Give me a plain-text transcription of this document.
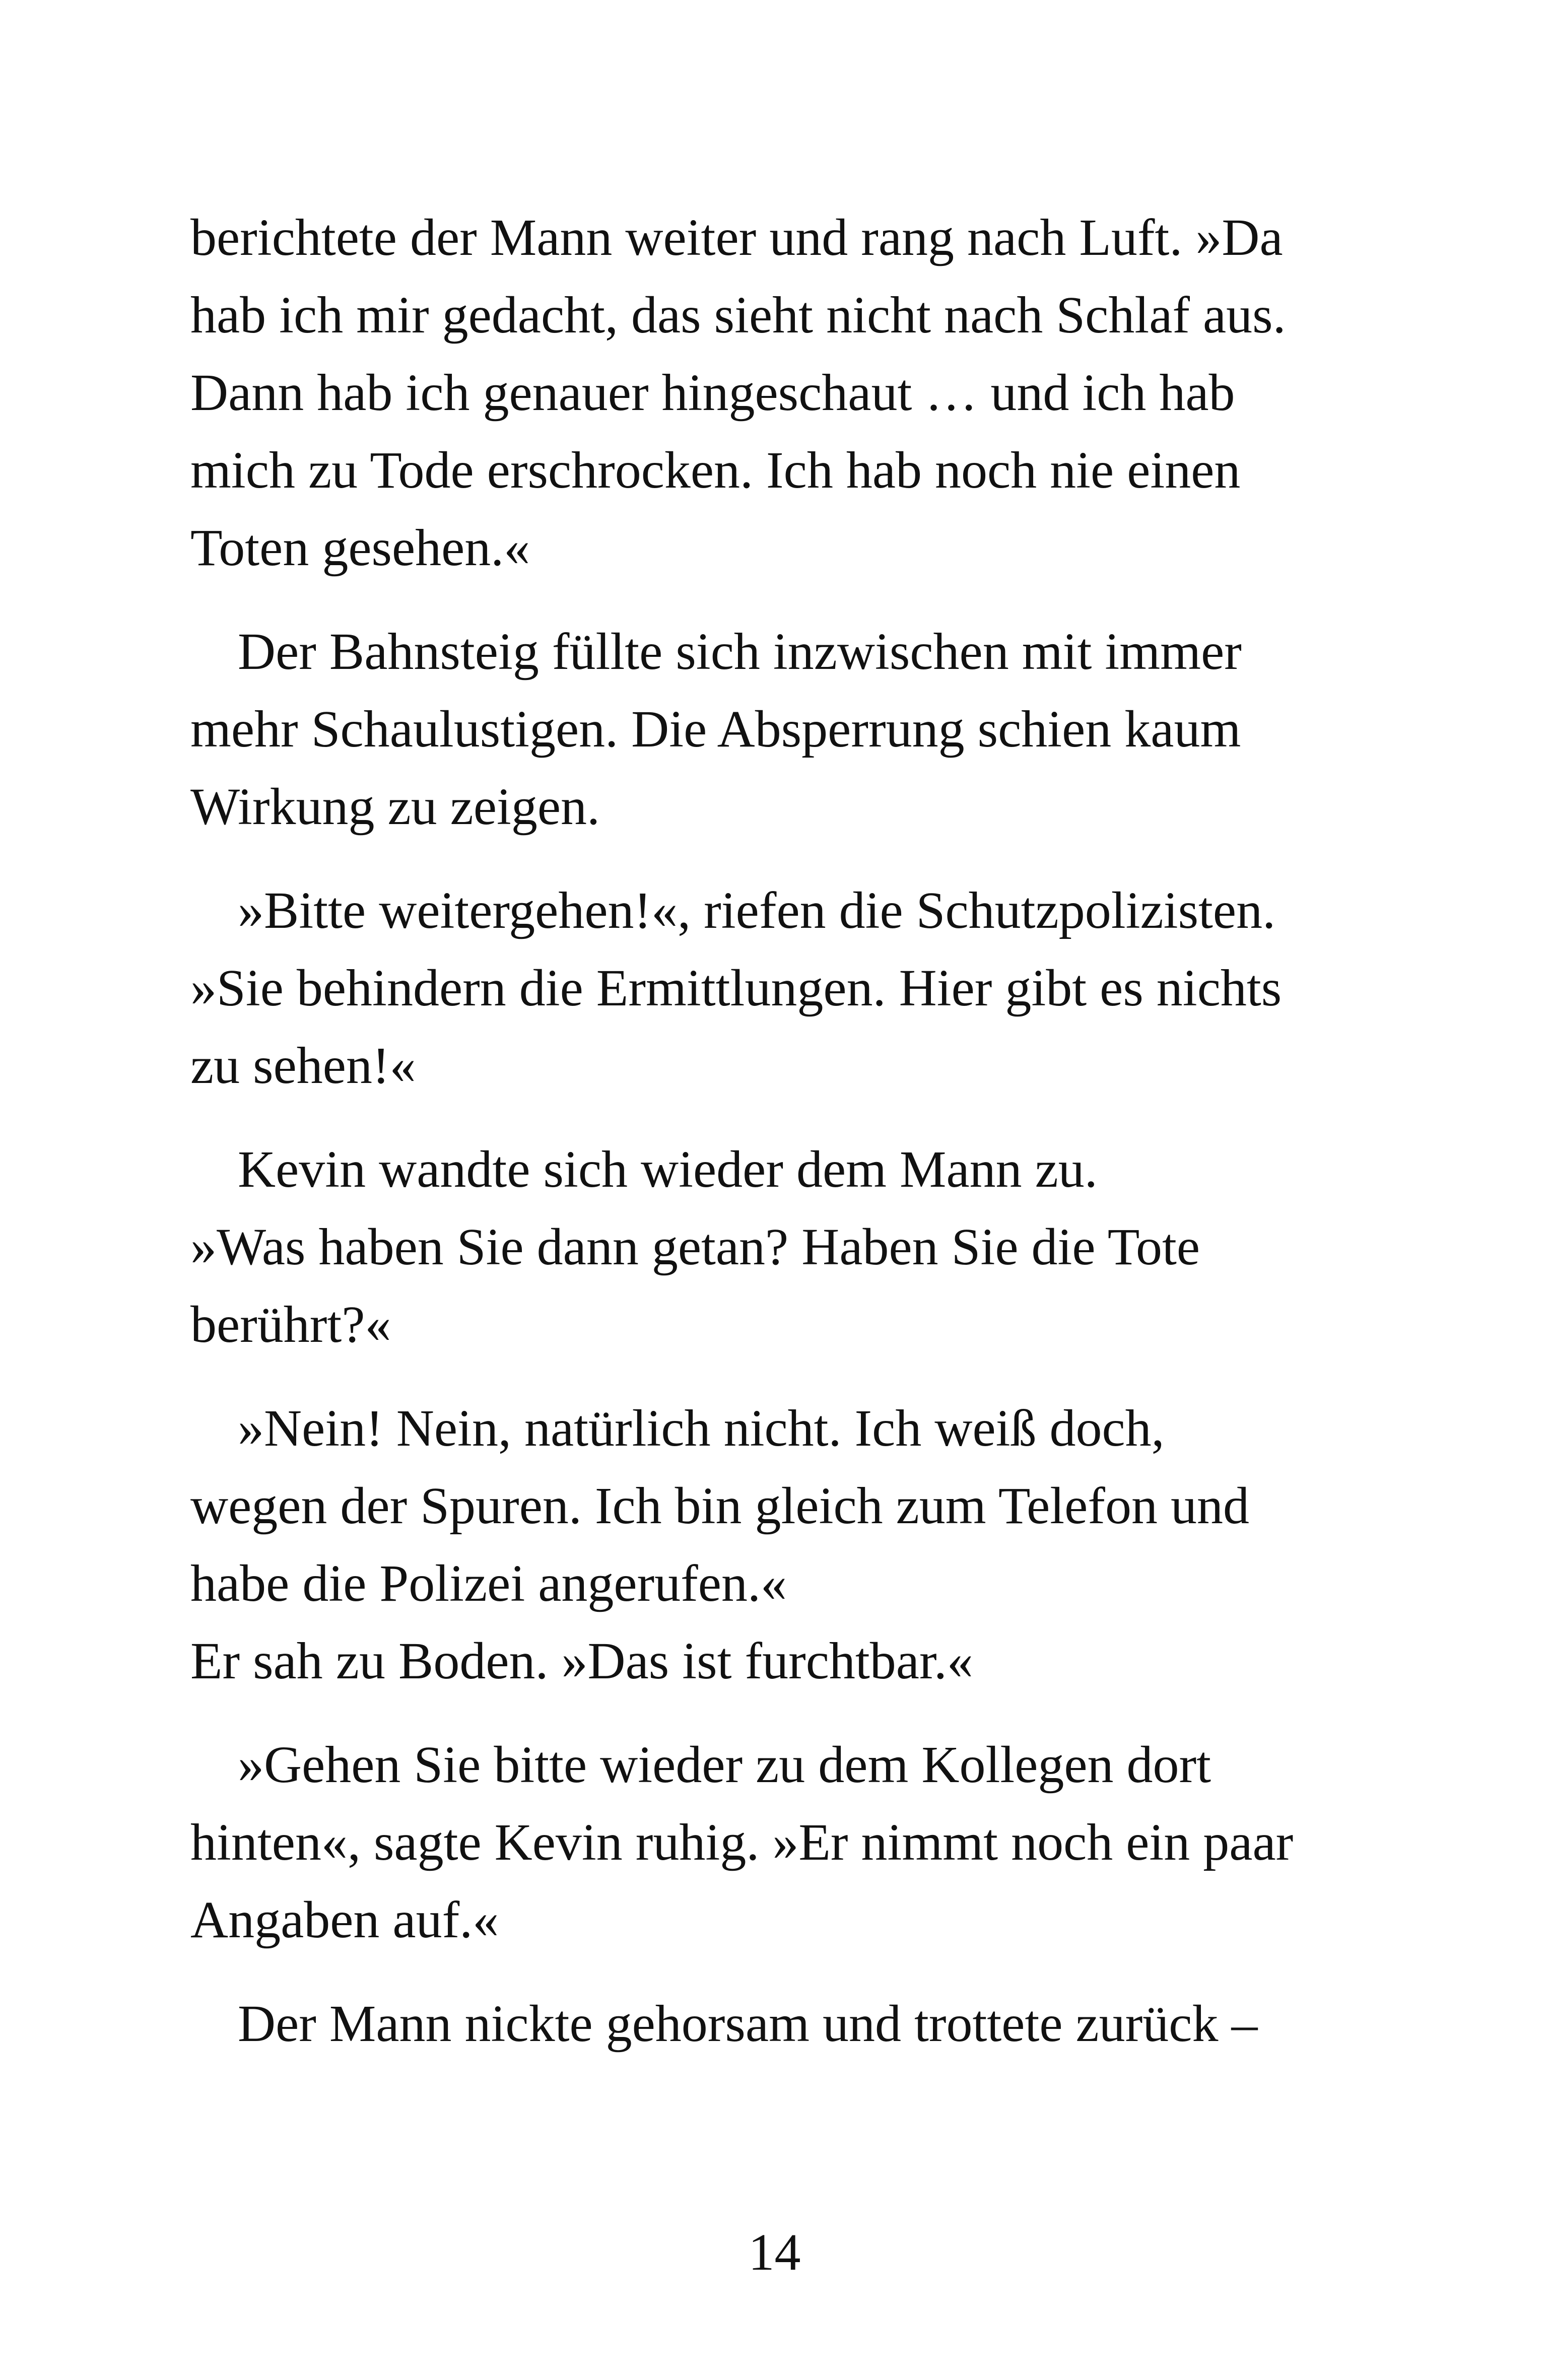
berichtete der Mann weiter und rang nach Luft. »Da
hab ich mir gedacht, das sieht nicht nach Schlaf aus.
Dann hab ich genauer hingeschaut … und ich hab
mich zu Tode erschrocken. Ich hab noch nie einen
Toten gesehen.«

Der Bahnsteig füllte sich inzwischen mit immer
mehr Schaulustigen. Die Absperrung schien kaum
Wirkung zu zeigen.

»Bitte weitergehen!«, riefen die Schutzpolizisten.
»Sie behindern die Ermittlungen. Hier gibt es nichts
zu sehen!«

Kevin wandte sich wieder dem Mann zu.
»Was haben Sie dann getan? Haben Sie die Tote
berührt?«

»Nein! Nein, natürlich nicht. Ich weiß doch,
wegen der Spuren. Ich bin gleich zum Telefon und
habe die Polizei angerufen.«

Er sah zu Boden. »Das ist furchtbar.«

»Gehen Sie bitte wieder zu dem Kollegen dort
hinten«, sagte Kevin ruhig. »Er nimmt noch ein paar
Angaben auf.«

Der Mann nickte gehorsam und trottete zurück –

14
